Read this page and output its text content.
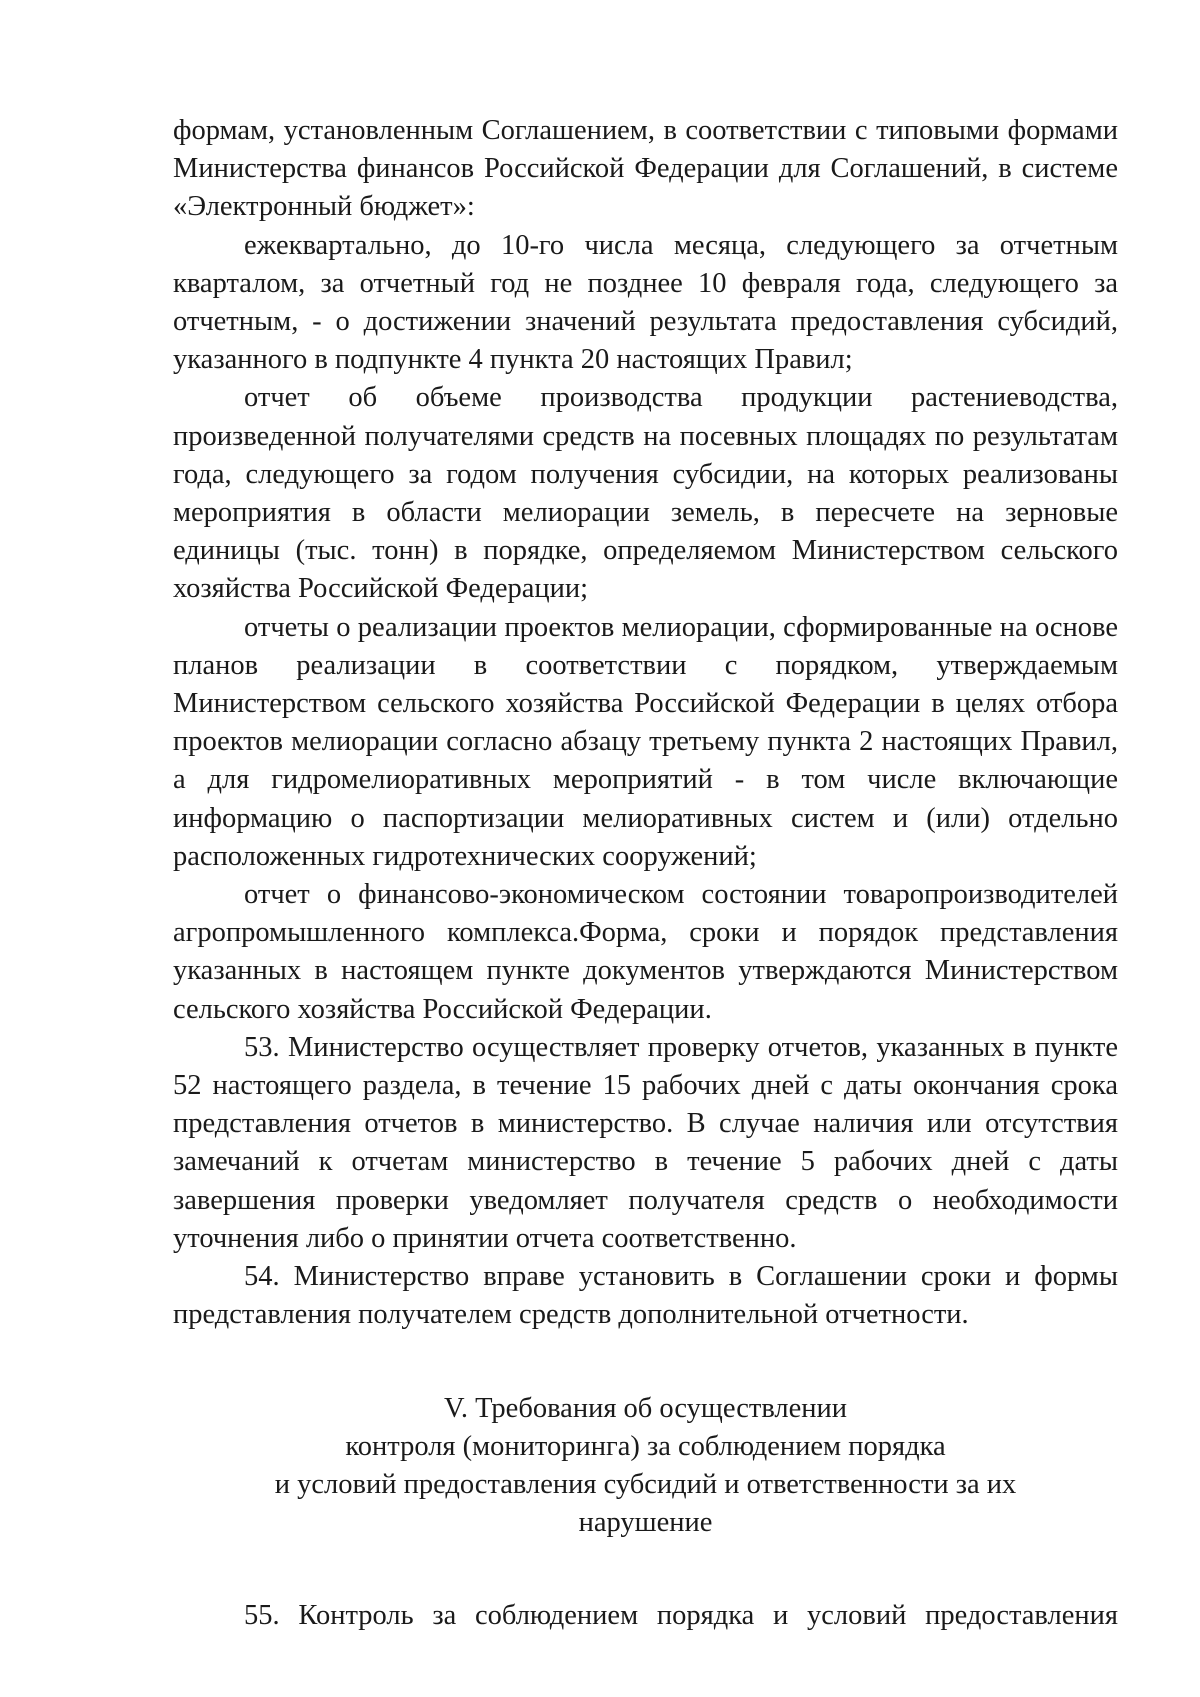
формам, установленным Соглашением, в соответствии с типовыми формами Министерства финансов Российской Федерации для Соглашений, в системе «Электронный бюджет»:

ежеквартально, до 10-го числа месяца, следующего за отчетным кварталом, за отчетный год не позднее 10 февраля года, следующего за отчетным, - о достижении значений результата предоставления субсидий, указанного в подпункте 4 пункта 20 настоящих Правил;

отчет об объеме производства продукции растениеводства, произведенной получателями средств на посевных площадях по результатам года, следующего за годом получения субсидии, на которых реализованы мероприятия в области мелиорации земель, в пересчете на зерновые единицы (тыс. тонн) в порядке, определяемом Министерством сельского хозяйства Российской Федерации;

отчеты о реализации проектов мелиорации, сформированные на основе планов реализации в соответствии с порядком, утверждаемым Министерством сельского хозяйства Российской Федерации в целях отбора проектов мелиорации согласно абзацу третьему пункта 2 настоящих Правил, а для гидромелиоративных мероприятий - в том числе включающие информацию о паспортизации мелиоративных систем и (или) отдельно расположенных гидротехнических сооружений;

отчет о финансово-экономическом состоянии товаропроизводителей агропромышленного комплекса.Форма, сроки и порядок представления указанных в настоящем пункте документов утверждаются Министерством сельского хозяйства Российской Федерации.

53. Министерство осуществляет проверку отчетов, указанных в пункте 52 настоящего раздела, в течение 15 рабочих дней с даты окончания срока представления отчетов в министерство. В случае наличия или отсутствия замечаний к отчетам министерство в течение 5 рабочих дней с даты завершения проверки уведомляет получателя средств о необходимости уточнения либо о принятии отчета соответственно.

54. Министерство вправе установить в Соглашении сроки и формы представления получателем средств дополнительной отчетности.

V. Требования об осуществлении
контроля (мониторинга) за соблюдением порядка
и условий предоставления субсидий и ответственности за их
нарушение

55. Контроль за соблюдением порядка и условий предоставления
